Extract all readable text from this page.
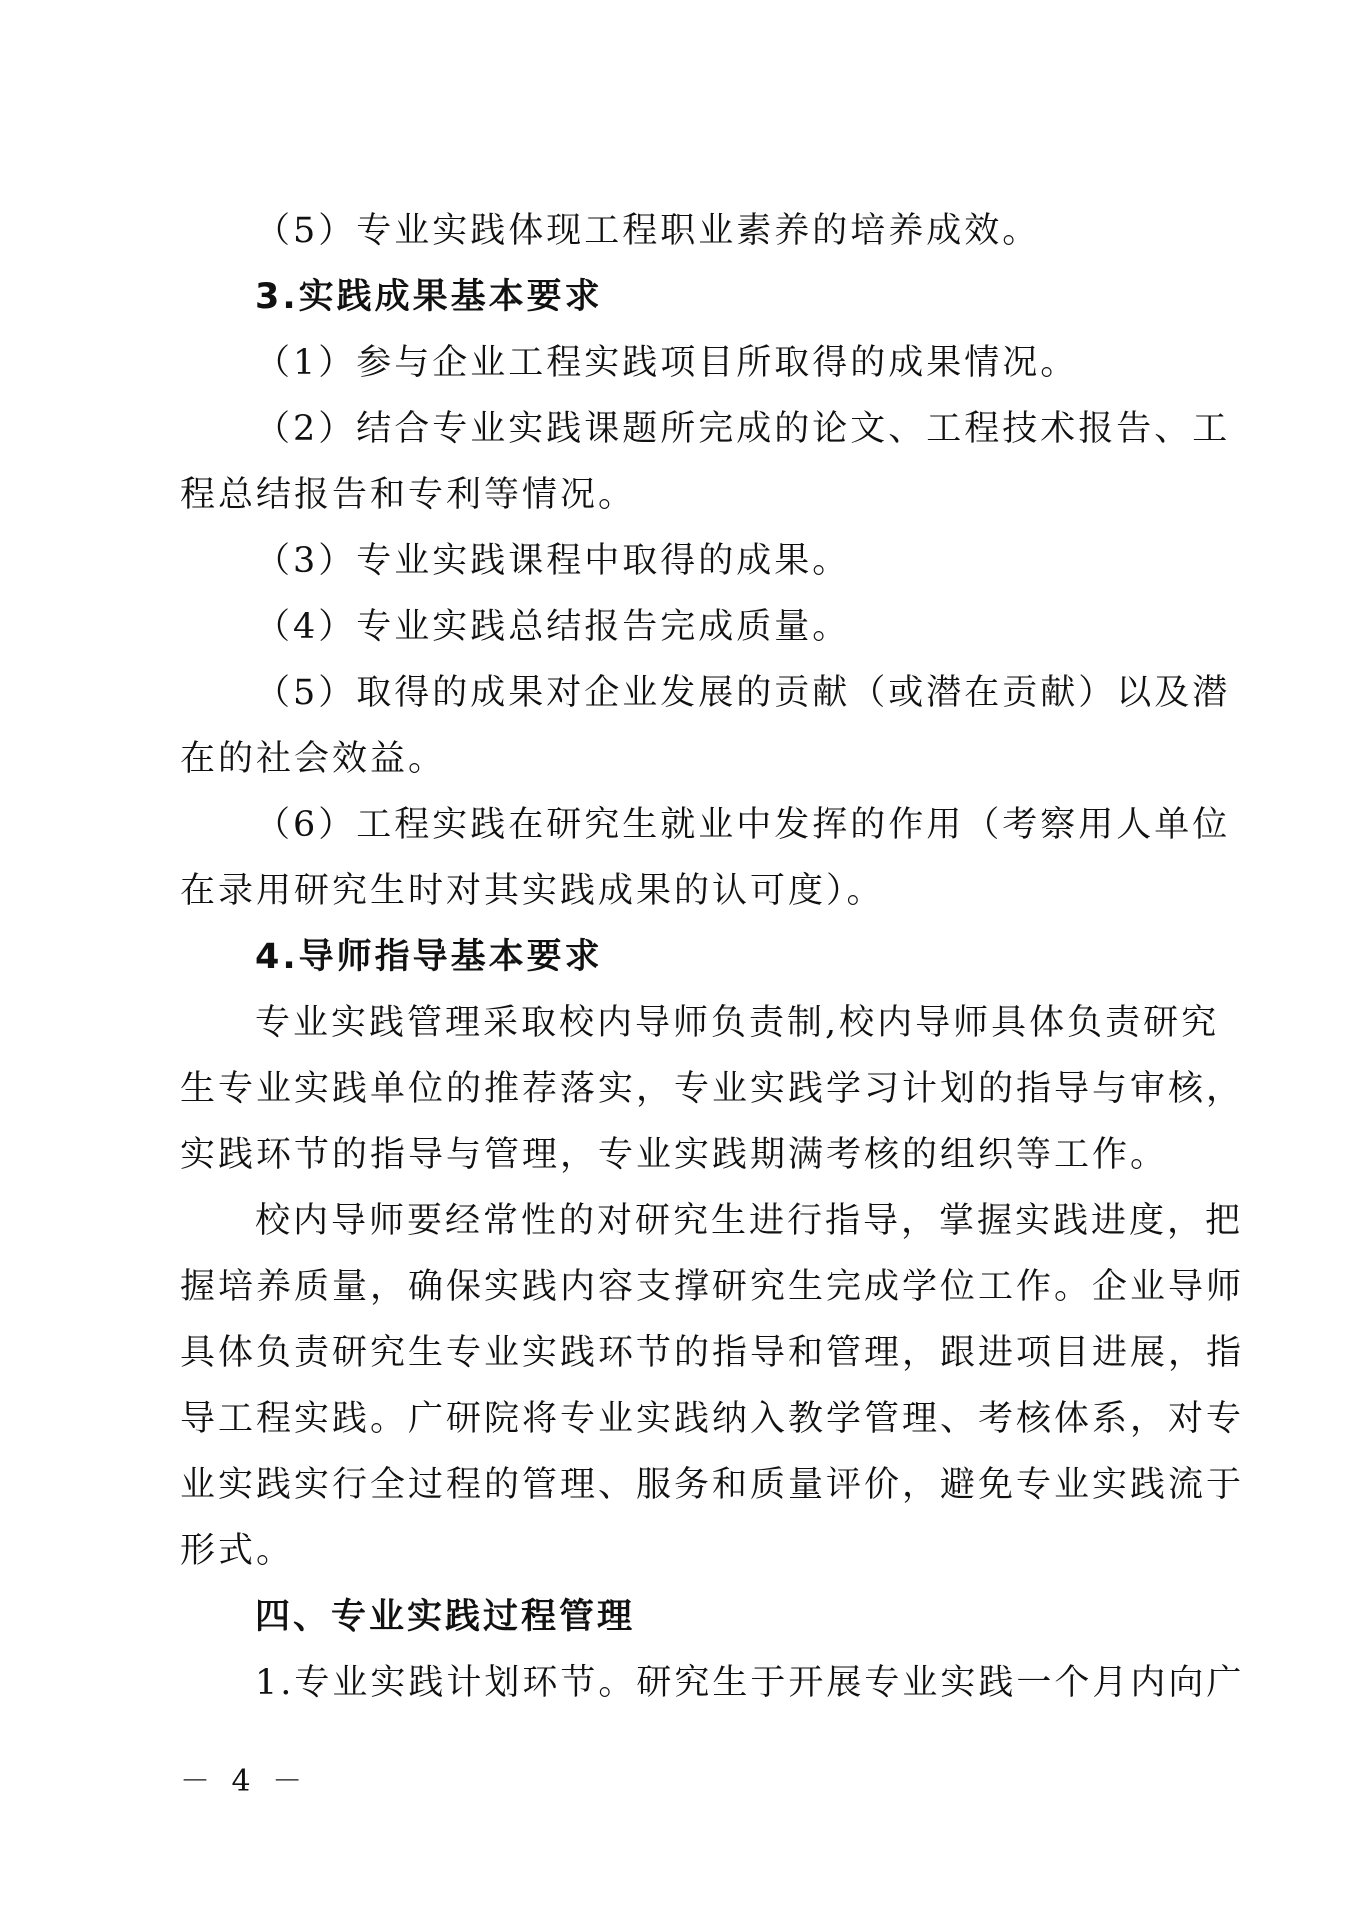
（5）专业实践体现工程职业素养的培养成效。
3.实践成果基本要求
（1）参与企业工程实践项目所取得的成果情况。
（2）结合专业实践课题所完成的论文、工程技术报告、工
程总结报告和专利等情况。
（3）专业实践课程中取得的成果。
（4）专业实践总结报告完成质量。
（5）取得的成果对企业发展的贡献（或潜在贡献）以及潜
在的社会效益。
（6）工程实践在研究生就业中发挥的作用（考察用人单位
在录用研究生时对其实践成果的认可度）。
4.导师指导基本要求
专业实践管理采取校内导师负责制,校内导师具体负责研究
生专业实践单位的推荐落实，专业实践学习计划的指导与审核，
实践环节的指导与管理，专业实践期满考核的组织等工作。
校内导师要经常性的对研究生进行指导，掌握实践进度，把
握培养质量，确保实践内容支撑研究生完成学位工作。企业导师
具体负责研究生专业实践环节的指导和管理，跟进项目进展，指
导工程实践。广研院将专业实践纳入教学管理、考核体系，对专
业实践实行全过程的管理、服务和质量评价，避免专业实践流于
形式。
四、专业实践过程管理
1.专业实践计划环节。研究生于开展专业实践一个月内向广
－ 4 －
